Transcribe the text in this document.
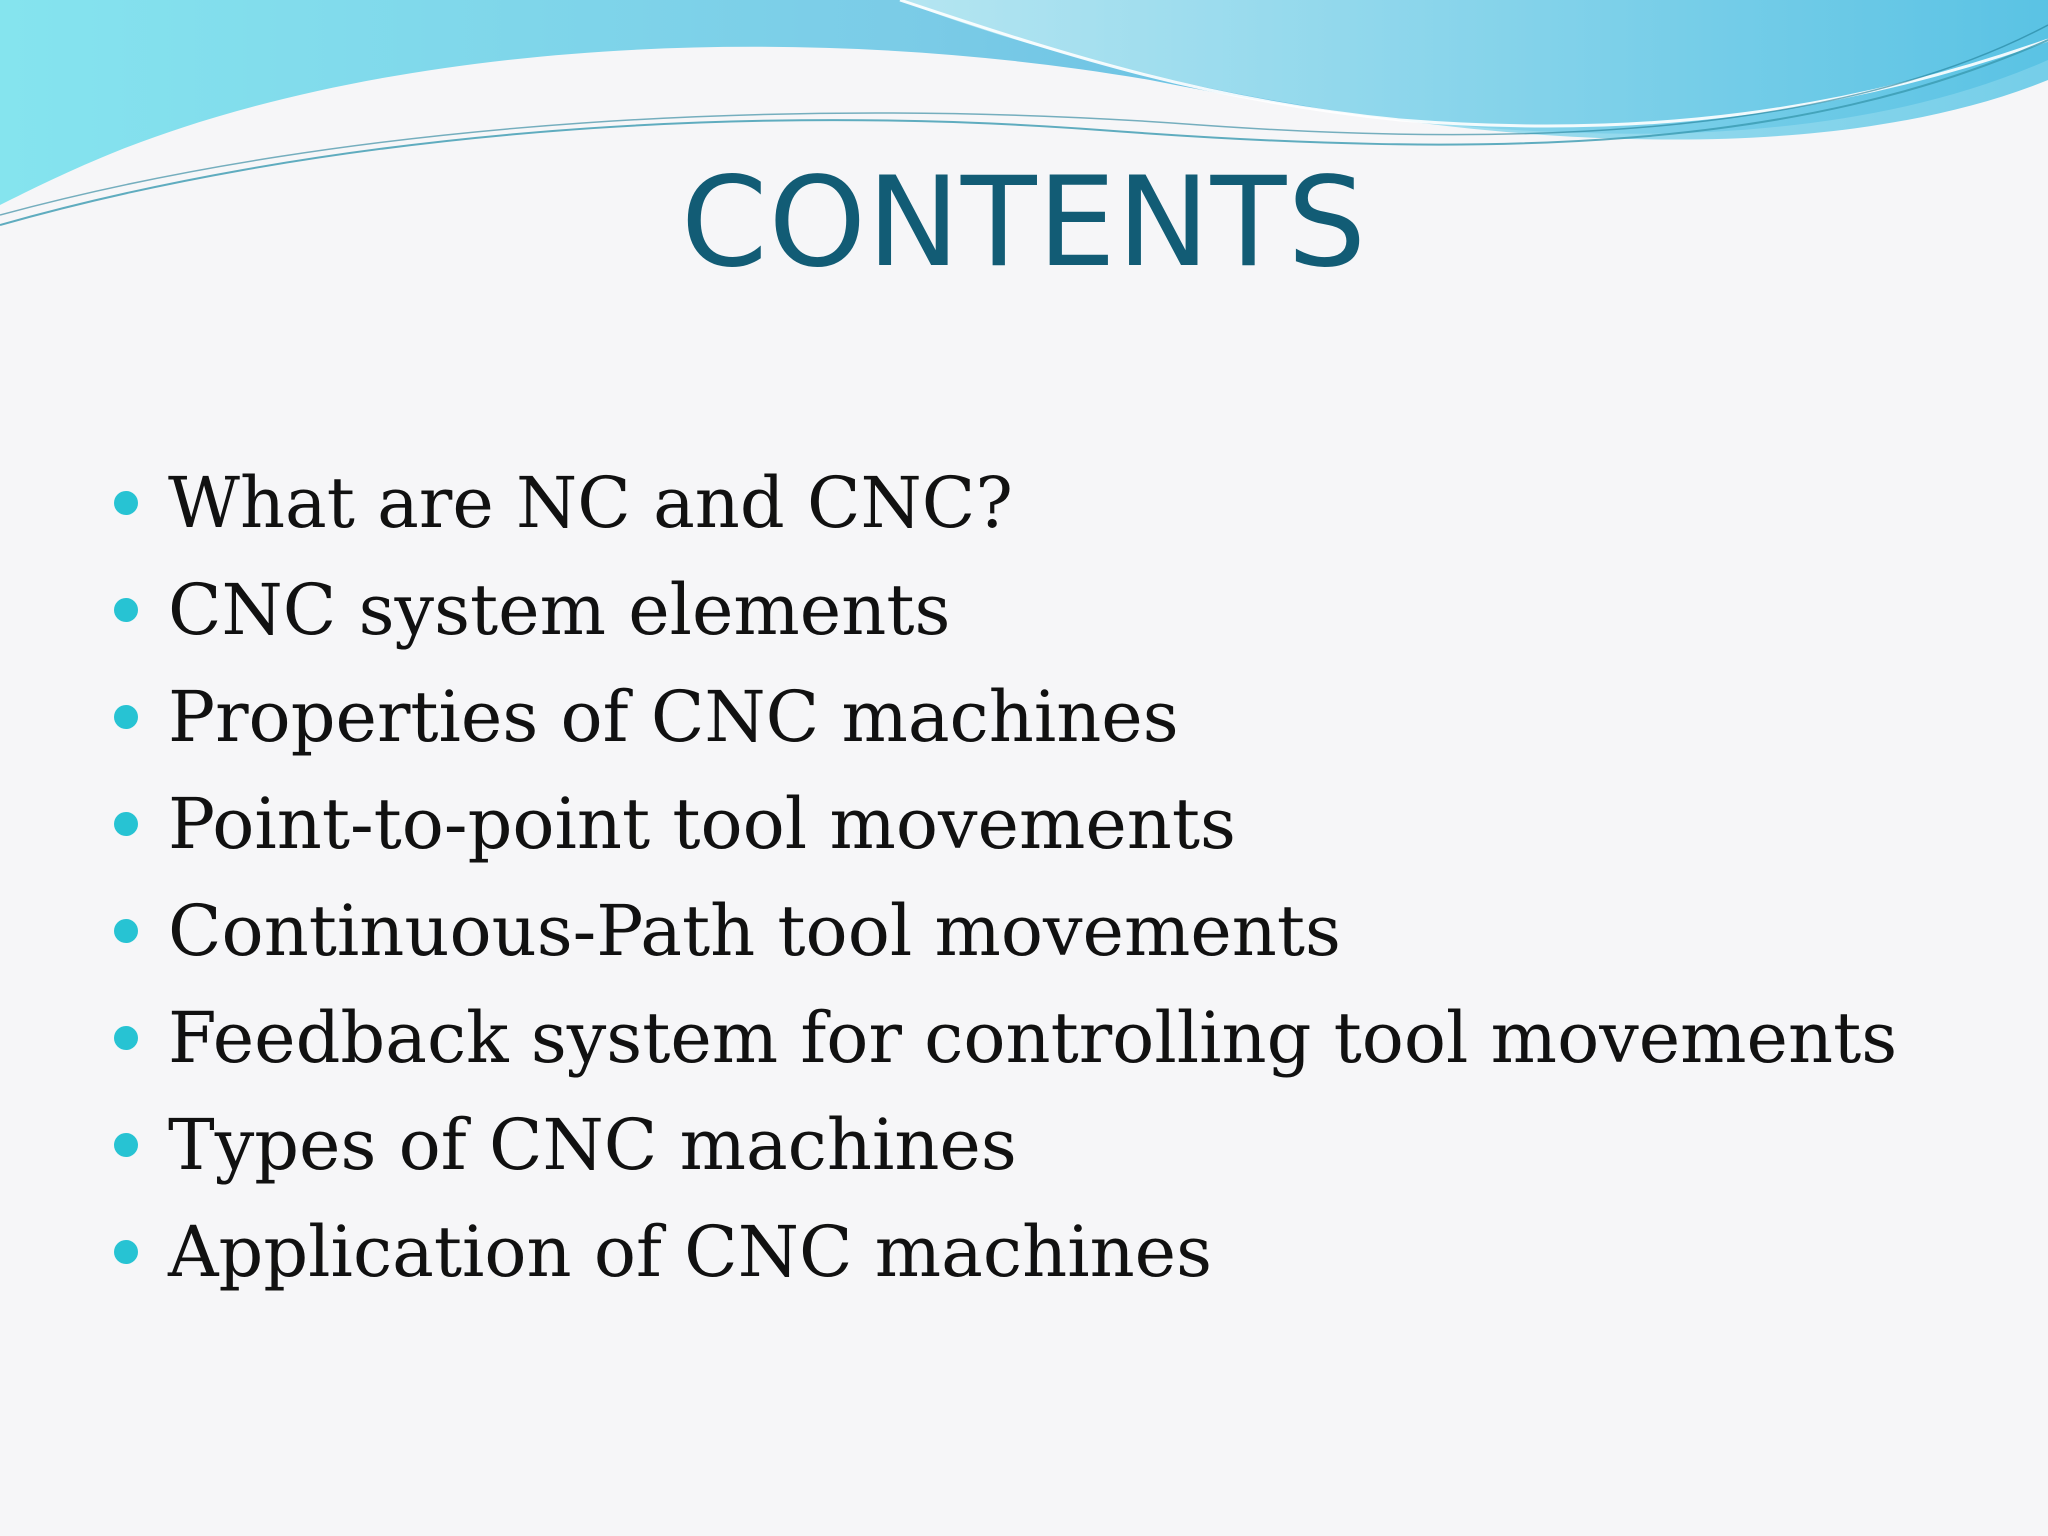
CONTENTS
What are NC and CNC?
CNC system elements
Properties of CNC machines
Point-to-point tool movements
Continuous-Path tool movements
Feedback system for controlling tool movements
Types of CNC machines
Application of CNC machines
